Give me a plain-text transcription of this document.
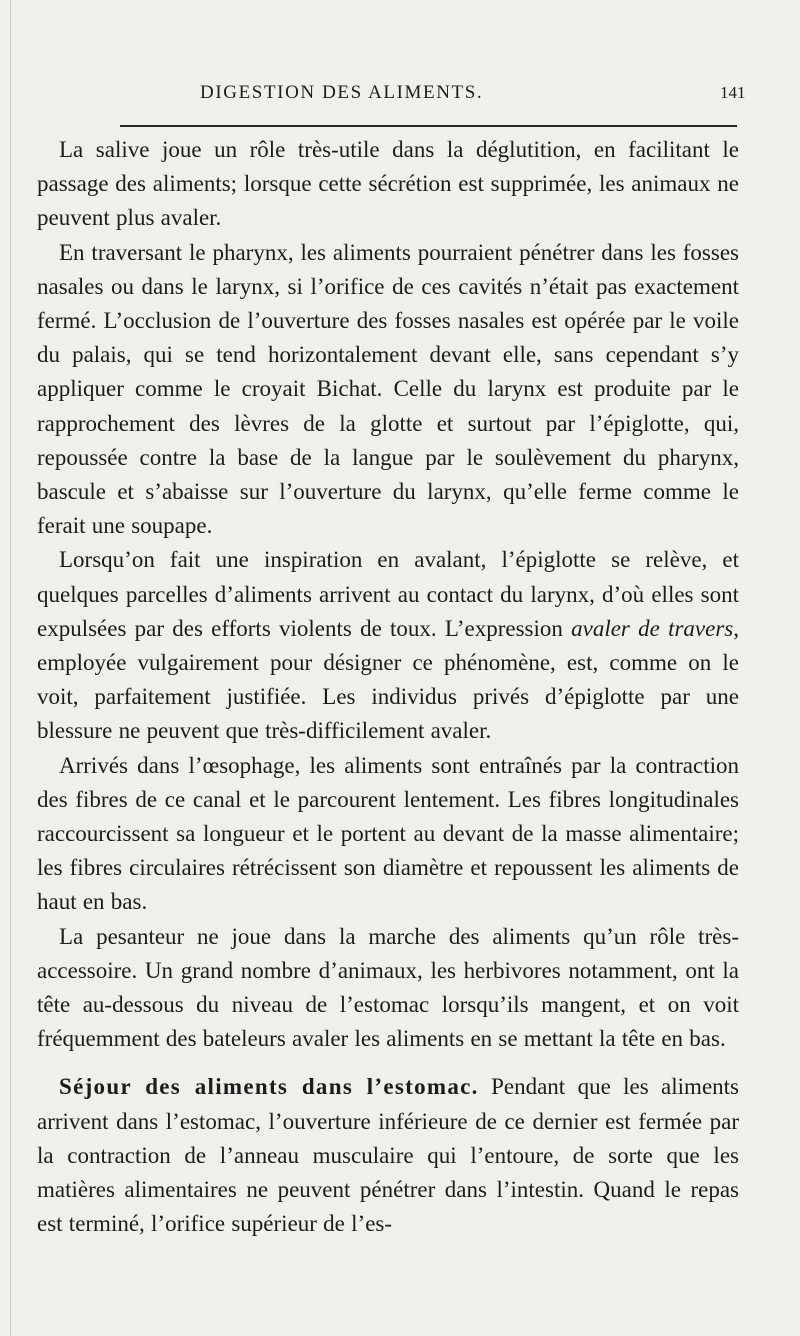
DIGESTION DES ALIMENTS.	141

La salive joue un rôle très-utile dans la déglutition, en facilitant le passage des aliments; lorsque cette sécrétion est supprimée, les animaux ne peuvent plus avaler.

En traversant le pharynx, les aliments pourraient pénétrer dans les fosses nasales ou dans le larynx, si l’orifice de ces cavités n’était pas exactement fermé. L’occlusion de l’ouverture des fosses nasales est opérée par le voile du palais, qui se tend horizontalement devant elle, sans cependant s’y appliquer comme le croyait Bichat. Celle du larynx est produite par le rapprochement des lèvres de la glotte et surtout par l’épiglotte, qui, repoussée contre la base de la langue par le soulèvement du pharynx, bascule et s’abaisse sur l’ouverture du larynx, qu’elle ferme comme le ferait une soupape.

Lorsqu’on fait une inspiration en avalant, l’épiglotte se relève, et quelques parcelles d’aliments arrivent au contact du larynx, d’où elles sont expulsées par des efforts violents de toux. L’expression avaler de travers, employée vulgairement pour désigner ce phénomène, est, comme on le voit, parfaitement justifiée. Les individus privés d’épiglotte par une blessure ne peuvent que très-difficilement avaler.

Arrivés dans l’œsophage, les aliments sont entraînés par la contraction des fibres de ce canal et le parcourent lentement. Les fibres longitudinales raccourcissent sa longueur et le portent au devant de la masse alimentaire; les fibres circulaires rétrécissent son diamètre et repoussent les aliments de haut en bas.

La pesanteur ne joue dans la marche des aliments qu’un rôle très-accessoire. Un grand nombre d’animaux, les herbivores notamment, ont la tête au-dessous du niveau de l’estomac lorsqu’ils mangent, et on voit fréquemment des bateleurs avaler les aliments en se mettant la tête en bas.

Séjour des aliments dans l’estomac. Pendant que les aliments arrivent dans l’estomac, l’ouverture inférieure de ce dernier est fermée par la contraction de l’anneau musculaire qui l’entoure, de sorte que les matières alimentaires ne peuvent pénétrer dans l’intestin. Quand le repas est terminé, l’orifice supérieur de l’es-
